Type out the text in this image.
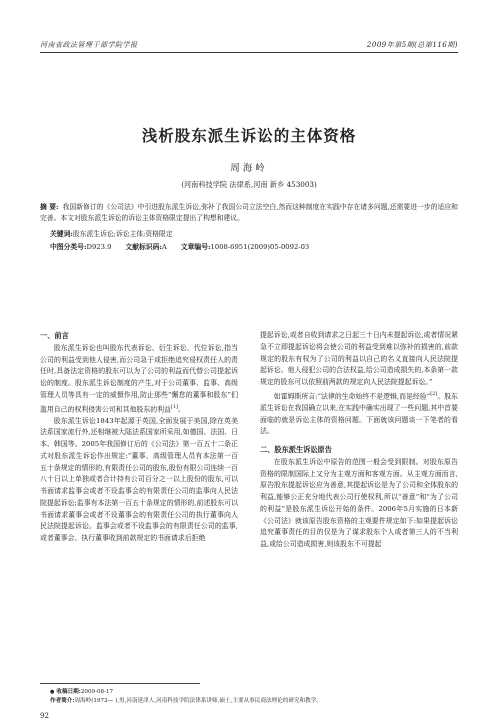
河南省政法管理干部学院学报	2009年第5期(总第116期)
浅析股东派生诉讼的主体资格
周海岭
(河南科技学院 法律系,河南 新乡 453003)
摘 要: 我国新修订的《公司法》中引进股东派生诉讼,弥补了我国公司立法空白,然而这种制度在实践中存在诸多问题,还需要进一步的适应和完善。本文对股东派生诉讼的诉讼主体资格限定提出了构想和建议。
关键词:股东派生诉讼;诉讼主体;资格限定
中图分类号:D923.9 文献标识码:A 文章编号:1008-6951(2009)05-0092-03
一、前言

股东派生诉讼也叫股东代表诉讼、衍生诉讼、代位诉讼,指当公司的利益受到他人侵害,而公司急于或拒绝追究侵权责任人的责任时,具备法定资格的股东可以为了公司的利益而代替公司提起诉讼的制度。股东派生诉讼制度的产生,对于公司董事、监事、高级管理人员等具有一定的威慑作用,防止那些“懈怠的董事和股东”们滥用自己的权利侵害公司和其他股东的利益[1]。

股东派生诉讼1843年起源于英国,全面发展于美国,除在英美法系国家流行外,还相继被大陆法系国家所采用,如德国、法国、日本、韩国等。2005年我国修订后的《公司法》第一百五十二条正式对股东派生诉讼作出规定:“董事、高级管理人员有本法第一百五十条规定的情形的,有限责任公司的股东,股份有限公司连续一百八十日以上单独或者合计持有公司百分之一以上股份的股东,可以书面请求监事会或者不设监事会的有限责任公司的监事向人民法院提起诉讼;监事有本法第一百五十条规定的情形的,前述股东可以书面请求董事会或者不设董事会的有限责任公司的执行董事向人民法院提起诉讼。监事会或者不设监事会的有限责任公司的监事,或者董事会、执行董事收到前款规定的书面请求后拒绝

提起诉讼,或者自收到请求之日起三十日内未提起诉讼,或者情况紧急不立即提起诉讼将会使公司的利益受到难以弥补的损害的,前款规定的股东有权为了公司的利益以自己的名义直接向人民法院提起诉讼。他人侵犯公司的合法权益,给公司造成损失的,本条第一款规定的股东可以依照前两款的规定向人民法院提起诉讼。”

如霍姆斯所言:“法律的生命始终不是逻辑,而是经验”[2]。股东派生诉讼在我国确立以来,在实践中确实出现了一些问题,其中首要面临的就是诉讼主体的资格问题。下面就该问题谈一下笔者的看法。

二、股东派生诉讼原告

在股东派生诉讼中原告的范围一般会受到限制。对股东原告资格的限制国际上又分为主观方面和客观方面。从主观方面而言,原告股东提起诉讼应为善意,其提起诉讼是为了公司和全体股东的利益,能够公正充分地代表公司行使权利,所以“善意”和“为了公司的利益”是股东派生诉讼开始的条件。2006年5月实施的日本新《公司法》就该原告股东资格的主观要件规定如下:如果提起诉讼追究董事责任的目的仅是为了谋求股东个人或者第三人的不当利益,或给公司造成损害,则该股东不可提起

● 收稿日期:2009-08-17
作者简介:周海岭(1972— ),男,河南延津人,河南科技学院法律系讲师,硕士,主要从事民商法理论的研究和教学。
92
